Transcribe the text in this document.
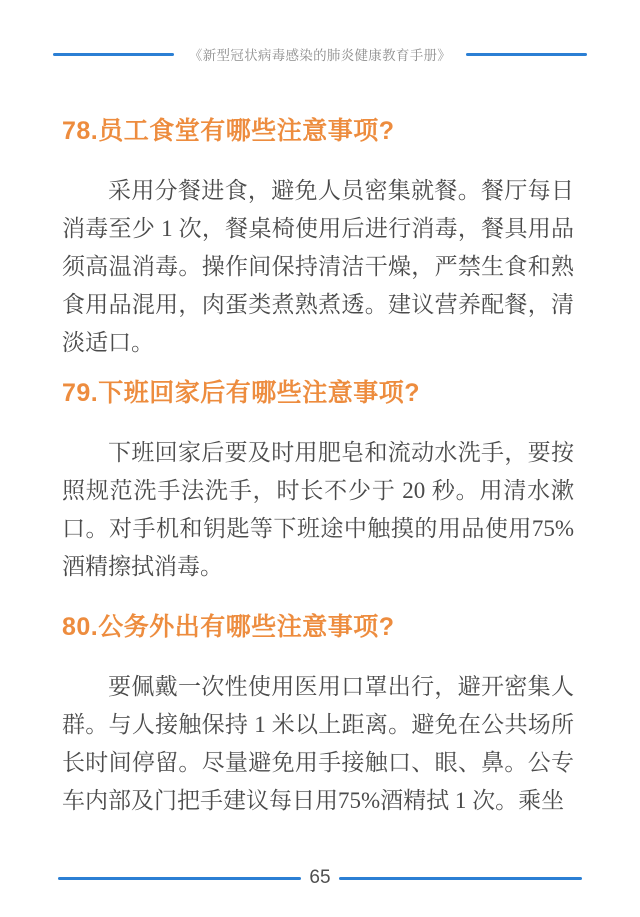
《新型冠状病毒感染的肺炎健康教育手册》
78.员工食堂有哪些注意事项?

采用分餐进食，避免人员密集就餐。餐厅每日消毒至少 1 次，餐桌椅使用后进行消毒，餐具用品须高温消毒。操作间保持清洁干燥，严禁生食和熟食用品混用，肉蛋类煮熟煮透。建议营养配餐，清淡适口。

79.下班回家后有哪些注意事项?

下班回家后要及时用肥皂和流动水洗手，要按照规范洗手法洗手，时长不少于 20 秒。用清水漱口。对手机和钥匙等下班途中触摸的用品使用75%酒精擦拭消毒。

80.公务外出有哪些注意事项?

要佩戴一次性使用医用口罩出行，避开密集人群。与人接触保持 1 米以上距离。避免在公共场所长时间停留。尽量避免用手接触口、眼、鼻。公专车内部及门把手建议每日用75%酒精拭 1 次。乘坐

65
